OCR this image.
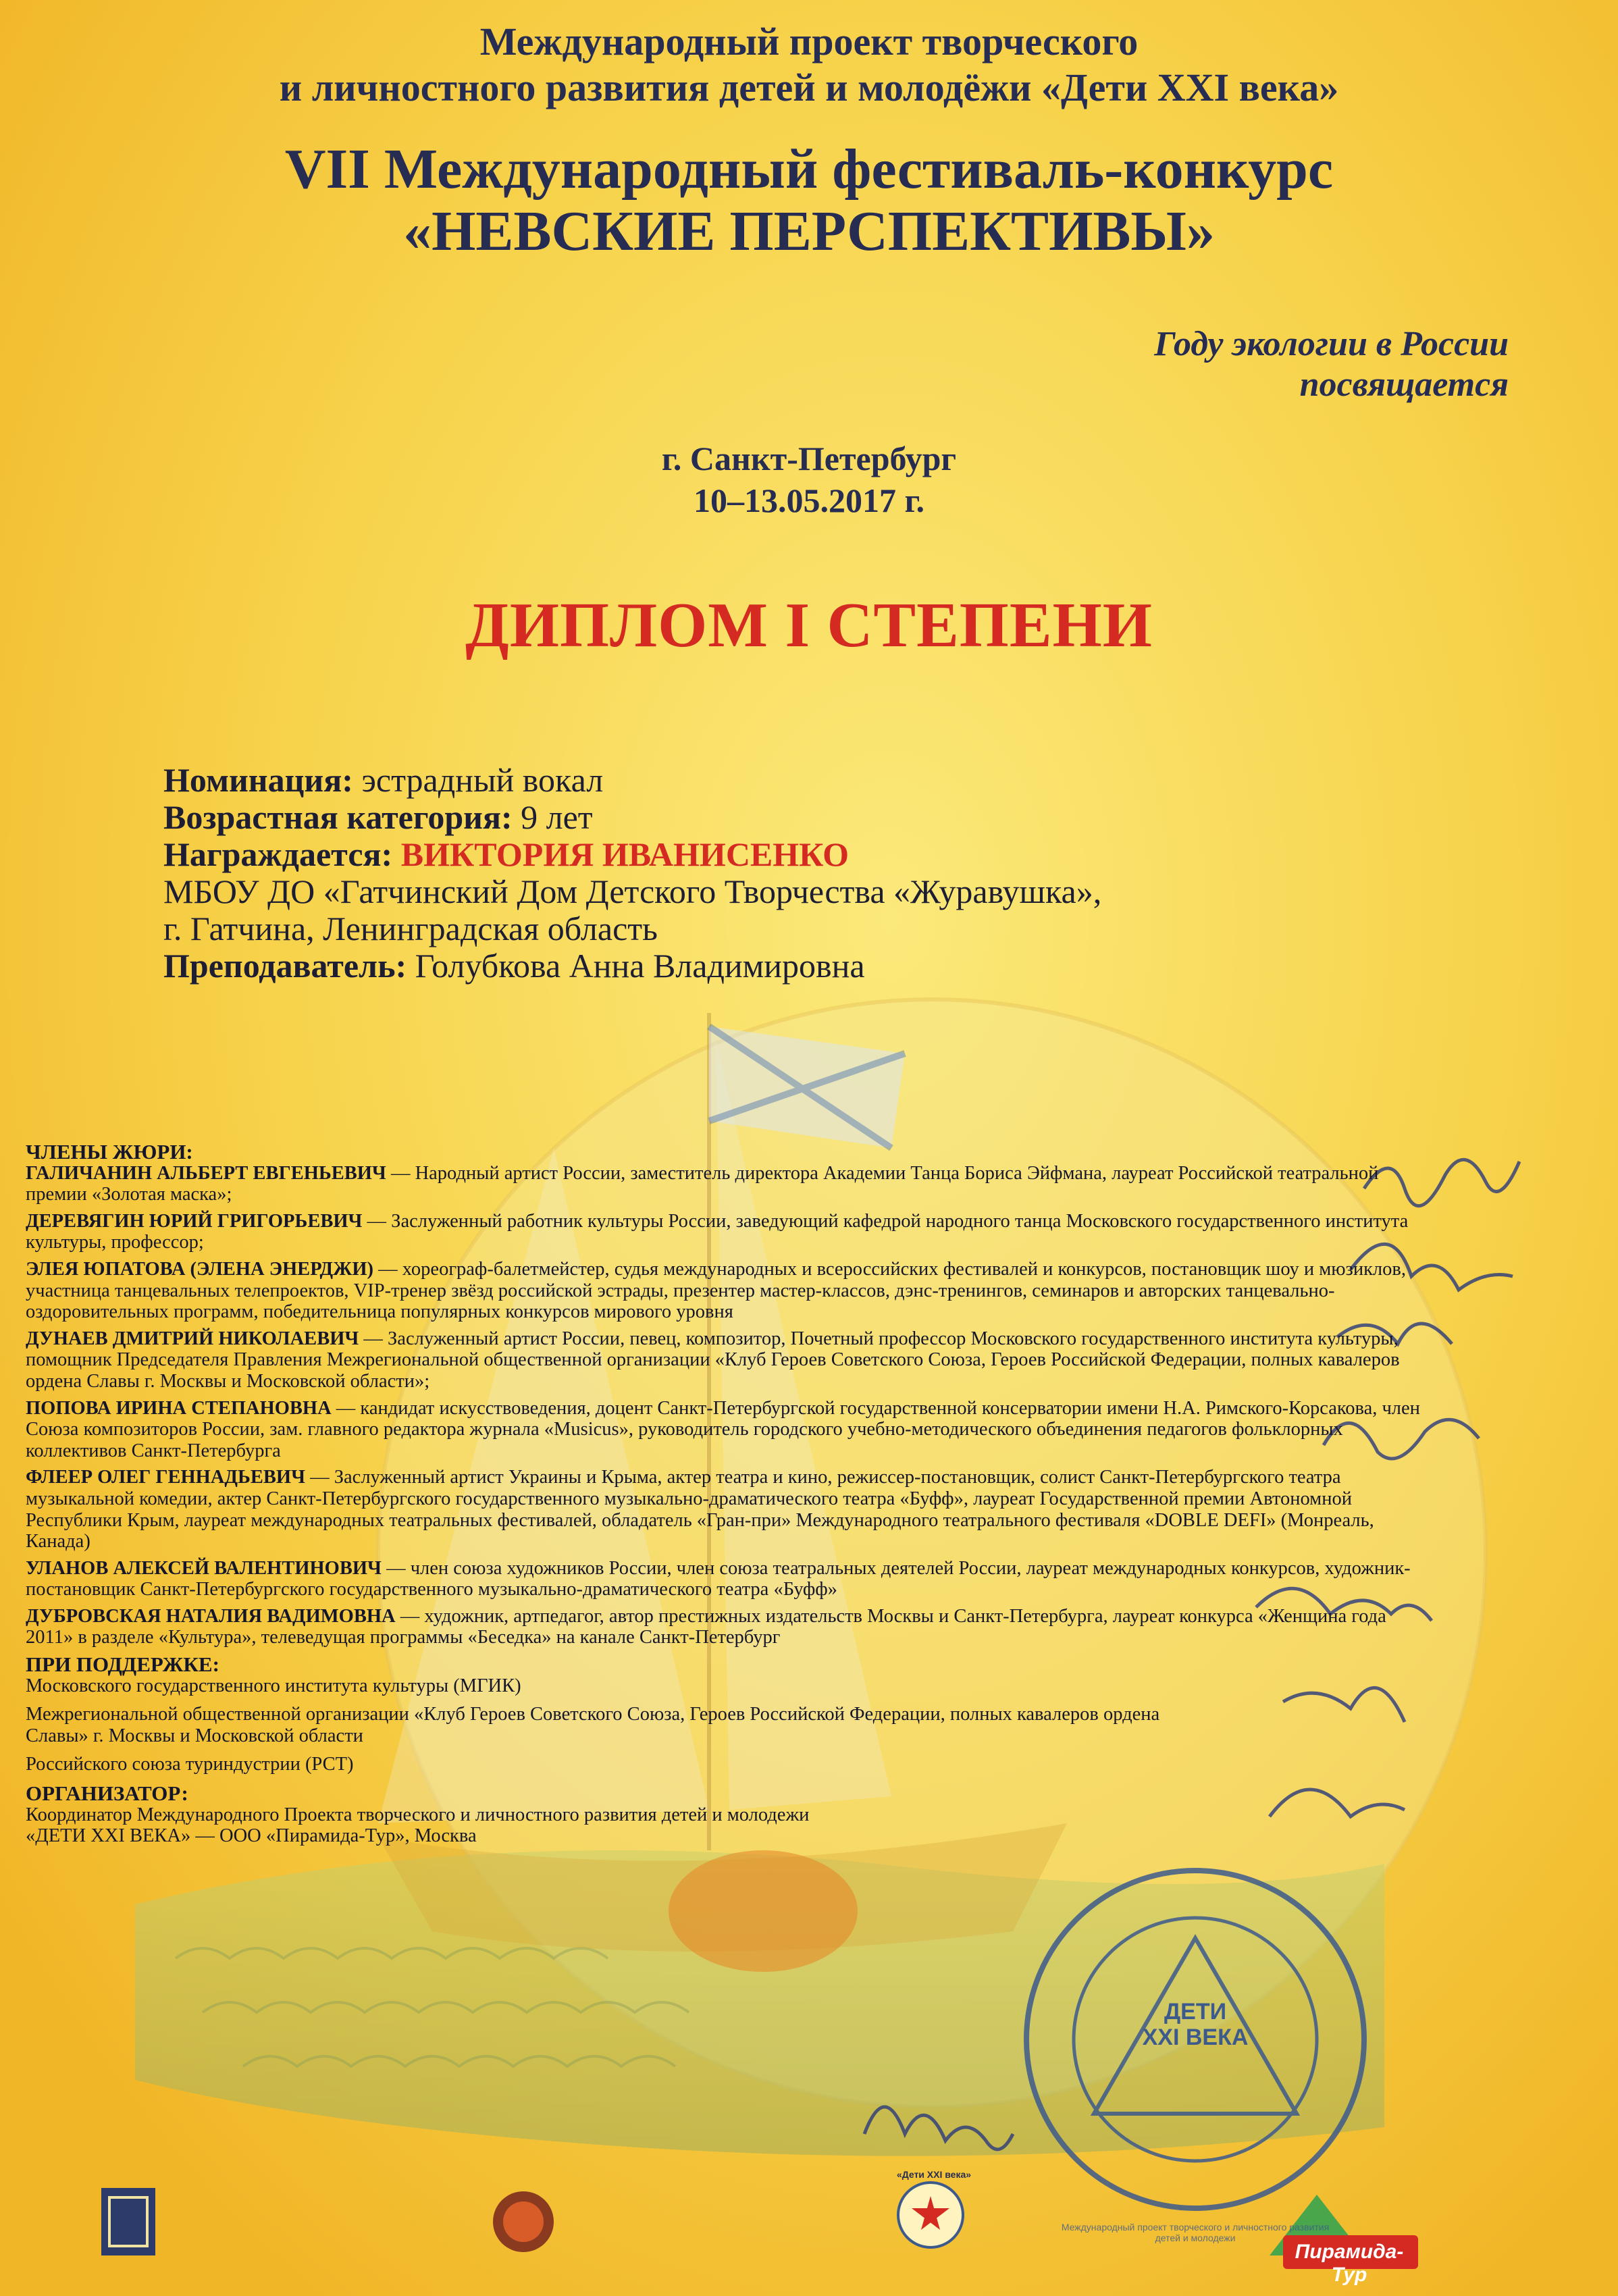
Международный проект творческого
и личностного развития детей и молодёжи «Дети XXI века»
VII Международный фестиваль-конкурс
«НЕВСКИЕ ПЕРСПЕКТИВЫ»
Году экологии в России
посвящается
г. Санкт-Петербург
10–13.05.2017 г.
ДИПЛОМ I СТЕПЕНИ
Номинация: эстрадный вокал
Возрастная категория: 9 лет
Награждается: ВИКТОРИЯ ИВАНИСЕНКО
МБОУ ДО «Гатчинский Дом Детского Творчества «Журавушка»,
г. Гатчина, Ленинградская область
Преподаватель: Голубкова Анна Владимировна
ЧЛЕНЫ ЖЮРИ:
ГАЛИЧАНИН АЛЬБЕРТ ЕВГЕНЬЕВИЧ — Народный артист России, заместитель директора Академии Танца Бориса Эйфмана, лауреат Российской театральной премии «Золотая маска»;
ДЕРЕВЯГИН ЮРИЙ ГРИГОРЬЕВИЧ — Заслуженный работник культуры России, заведующий кафедрой народного танца Московского государственного института культуры, профессор;
ЭЛЕЯ ЮПАТОВА (ЭЛЕНА ЭНЕРДЖИ) — хореограф-балетмейстер, судья международных и всероссийских фестивалей и конкурсов, постановщик шоу и мюзиклов, участница танцевальных телепроектов, VIP-тренер звёзд российской эстрады, презентер мастер-классов, дэнс-тренингов, семинаров и авторских танцевально-оздоровительных программ, победительница популярных конкурсов мирового уровня
ДУНАЕВ ДМИТРИЙ НИКОЛАЕВИЧ — Заслуженный артист России, певец, композитор, Почетный профессор Московского государственного института культуры, помощник Председателя Правления Межрегиональной общественной организации «Клуб Героев Советского Союза, Героев Российской Федерации, полных кавалеров ордена Славы г. Москвы и Московской области»;
ПОПОВА ИРИНА СТЕПАНОВНА — кандидат искусствоведения, доцент Санкт-Петербургской государственной консерватории имени Н.А. Римского-Корсакова, член Союза композиторов России, зам. главного редактора журнала «Musicus», руководитель городского учебно-методического объединения педагогов фольклорных коллективов Санкт-Петербурга
ФЛЕЕР ОЛЕГ ГЕННАДЬЕВИЧ — Заслуженный артист Украины и Крыма, актер театра и кино, режиссер-постановщик, солист Санкт-Петербургского театра музыкальной комедии, актер Санкт-Петербургского государственного музыкально-драматического театра «Буфф», лауреат Государственной премии Автономной Республики Крым, лауреат международных театральных фестивалей, обладатель «Гран-при» Международного театрального фестиваля «DOBLE DEFI» (Монреаль, Канада)
УЛАНОВ АЛЕКСЕЙ ВАЛЕНТИНОВИЧ — член союза художников России, член союза театральных деятелей России, лауреат международных конкурсов, художник-постановщик Санкт-Петербургского государственного музыкально-драматического театра «Буфф»
ДУБРОВСКАЯ НАТАЛИЯ ВАДИМОВНА — художник, артпедагог, автор престижных издательств Москвы и Санкт-Петербурга, лауреат конкурса «Женщина года 2011» в разделе «Культура», телеведущая программы «Беседка» на канале Санкт-Петербург
ПРИ ПОДДЕРЖКЕ:
Московского государственного института культуры (МГИК)
Межрегиональной общественной организации «Клуб Героев Советского Союза, Героев Российской Федерации, полных кавалеров ордена Славы» г. Москвы и Московской области
Российского союза туриндустрии (РСТ)
ОРГАНИЗАТОР:
Координатор Международного Проекта творческого и личностного развития детей и молодежи «ДЕТИ XXI ВЕКА» — ООО «Пирамида-Тур», Москва
ДЕТИ
XXI ВЕКА
Международный проект творческого и личностного развития детей и молодежи
«Дети XXI века»
Пирамида-Тур
